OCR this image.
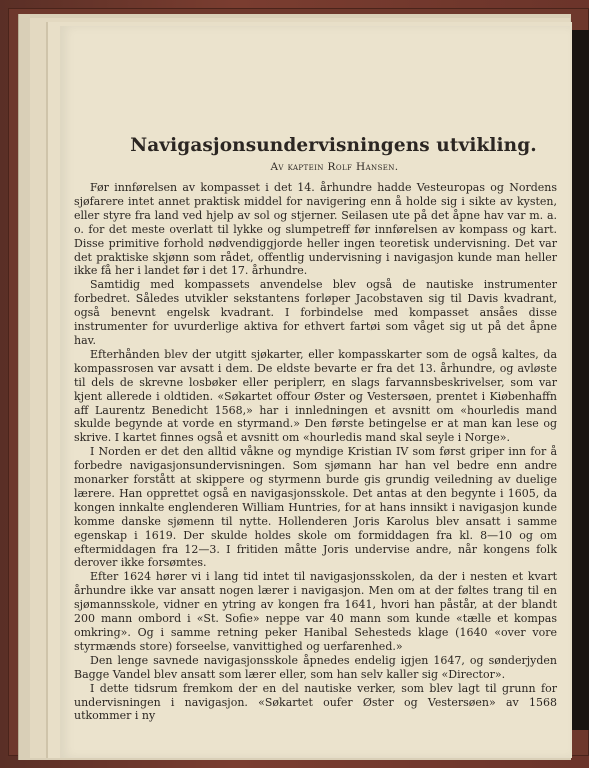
Navigasjonsundervisningens utvikling.
Av kaptein Rolf Hansen.

Før innførelsen av kompasset i det 14. århundre hadde Vesteuropas og Nordens sjøfarere intet annet praktisk middel for navigering enn å holde sig i sikte av kysten, eller styre fra land ved hjelp av sol og stjerner. Seilasen ute på det åpne hav var m. a. o. for det meste overlatt til lykke og slumpetreff før innførelsen av kompass og kart. Disse primitive forhold nødvendiggjorde heller ingen teoretisk undervisning. Det var det praktiske skjønn som rådet, offentlig undervisning i navigasjon kunde man heller ikke få her i landet før i det 17. århundre.

Samtidig med kompassets anvendelse blev også de nautiske instrumenter forbedret. Således utvikler sekstantens forløper Jacobstaven sig til Davis kvadrant, også benevnt engelsk kvadrant. I forbindelse med kompasset ansåes disse instrumenter for uvurderlige aktiva for ethvert fartøi som våget sig ut på det åpne hav.

Efterhånden blev der utgitt sjøkarter, eller kompasskarter som de også kaltes, da kompassrosen var avsatt i dem. De eldste bevarte er fra det 13. århundre, og avløste til dels de skrevne losbøker eller periplerr, en slags farvannsbeskrivelser, som var kjent allerede i oldtiden. «Søkartet offour Øster og Vestersøen, prentet i Kiøbenhaffn aff Laurentz Benedicht 1568,» har i innledningen et avsnitt om «hourledis mand skulde begynde at vorde en styrmand.» Den første betingelse er at man kan lese og skrive. I kartet finnes også et avsnitt om «hourledis mand skal seyle i Norge».

I Norden er det den alltid våkne og myndige Kristian IV som først griper inn for å forbedre navigasjonsundervisningen. Som sjømann har han vel bedre enn andre monarker forstått at skippere og styrmenn burde gis grundig veiledning av duelige lærere. Han opprettet også en navigasjonsskole. Det antas at den begynte i 1605, da kongen innkalte englenderen William Huntries, for at hans innsikt i navigasjon kunde komme danske sjømenn til nytte. Hollenderen Joris Karolus blev ansatt i samme egenskap i 1619. Der skulde holdes skole om formiddagen fra kl. 8—10 og om eftermiddagen fra 12—3. I fritiden måtte Joris undervise andre, når kongens folk derover ikke forsømtes.

Efter 1624 hører vi i lang tid intet til navigasjonsskolen, da der i nesten et kvart århundre ikke var ansatt nogen lærer i navigasjon. Men om at der føltes trang til en sjømannsskole, vidner en ytring av kongen fra 1641, hvori han påstår, at der blandt 200 mann ombord i «St. Sofie» neppe var 40 mann som kunde «tælle et kompas omkring». Og i samme retning peker Hanibal Sehesteds klage (1640 «over vore styrmænds store) forseelse, vanvittighed og uerfarenhed.»

Den lenge savnede navigasjonsskole åpnedes endelig igjen 1647, og sønderjyden Bagge Vandel blev ansatt som lærer eller, som han selv kaller sig «Director».

I dette tidsrum fremkom der en del nautiske verker, som blev lagt til grunn for undervisningen i navigasjon. «Søkartet oufer Øster og Vestersøen» av 1568 utkommer i ny
